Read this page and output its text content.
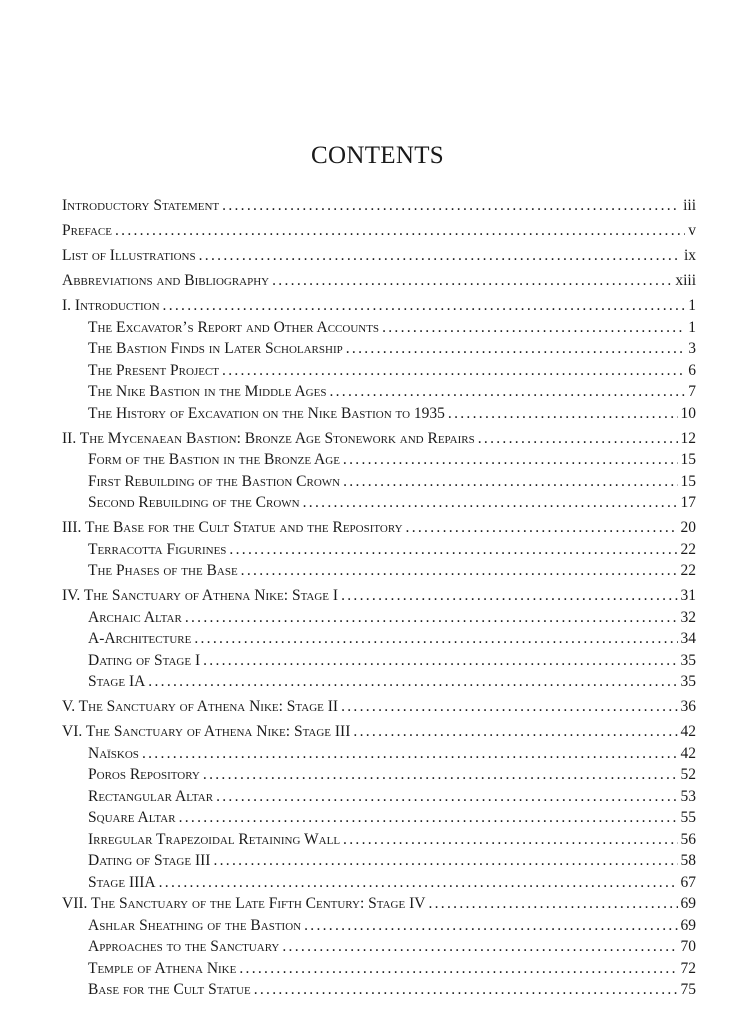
CONTENTS
Introductory Statement .....	iii
Preface .....	v
List of Illustrations .....	ix
Abbreviations and Bibliography .....	xiii
I. Introduction .....	1
The Excavator’s Report and Other Accounts .....	1
The Bastion Finds in Later Scholarship .....	3
The Present Project .....	6
The Nike Bastion in the Middle Ages .....	7
The History of Excavation on the Nike Bastion to 1935 .....	10
II. The Mycenaean Bastion: Bronze Age Stonework and Repairs .....	12
Form of the Bastion in the Bronze Age .....	15
First Rebuilding of the Bastion Crown .....	15
Second Rebuilding of the Crown .....	17
III. The Base for the Cult Statue and the Repository .....	20
Terracotta Figurines .....	22
The Phases of the Base .....	22
IV. The Sanctuary of Athena Nike: Stage I .....	31
Archaic Altar .....	32
A-Architecture .....	34
Dating of Stage I .....	35
Stage IA .....	35
V. The Sanctuary of Athena Nike: Stage II .....	36
VI. The Sanctuary of Athena Nike: Stage III .....	42
Naïskos .....	42
Poros Repository .....	52
Rectangular Altar .....	53
Square Altar .....	55
Irregular Trapezoidal Retaining Wall .....	56
Dating of Stage III .....	58
Stage IIIA .....	67
VII. The Sanctuary of the Late Fifth Century: Stage IV .....	69
Ashlar Sheathing of the Bastion .....	69
Approaches to the Sanctuary .....	70
Temple of Athena Nike .....	72
Base for the Cult Statue .....	75
